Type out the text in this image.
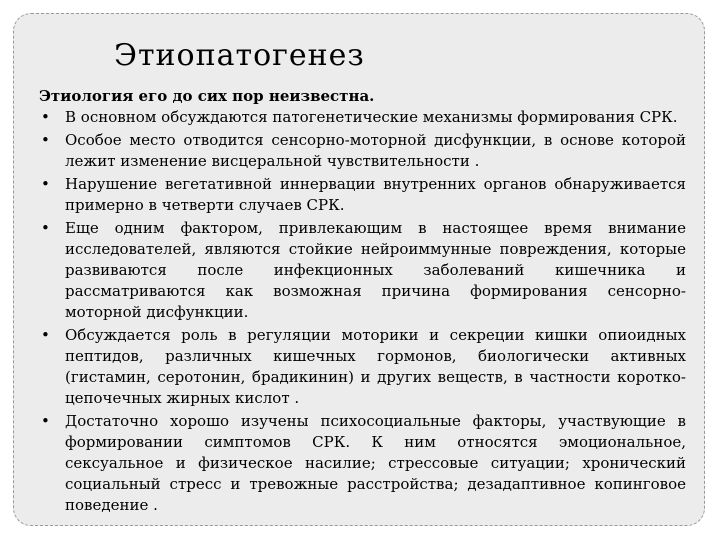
Этиопатогенез

Этиология его до сих пор неизвестна.

• В основном обсуждаются патогенетические механизмы формирования СРК.
• Особое место отводится сенсорно-моторной дисфункции, в основе которой лежит изменение висцеральной чувствительности .
• Нарушение вегетативной иннервации внутренних органов обнаруживается примерно в четверти случаев СРК.
• Еще одним фактором, привлекающим в настоящее время внимание исследователей, являются стойкие нейроиммунные повреждения, которые развиваются после инфекционных заболеваний кишечника и рассматриваются как возможная причина формирования сенсорно-моторной дисфункции.
• Обсуждается роль в регуляции моторики и секреции кишки опиоидных пептидов, различных кишечных гормонов, биологически активных (гистамин, серотонин, брадикинин) и других веществ, в частности коротко-цепочечных жирных кислот .
• Достаточно хорошо изучены психосоциальные факторы, участвующие в формировании симптомов СРК. К ним относятся эмоциональное, сексуальное и физическое насилие; стрессовые ситуации; хронический социальный стресс и тревожные расстройства; дезадаптивное копинговое поведение .
